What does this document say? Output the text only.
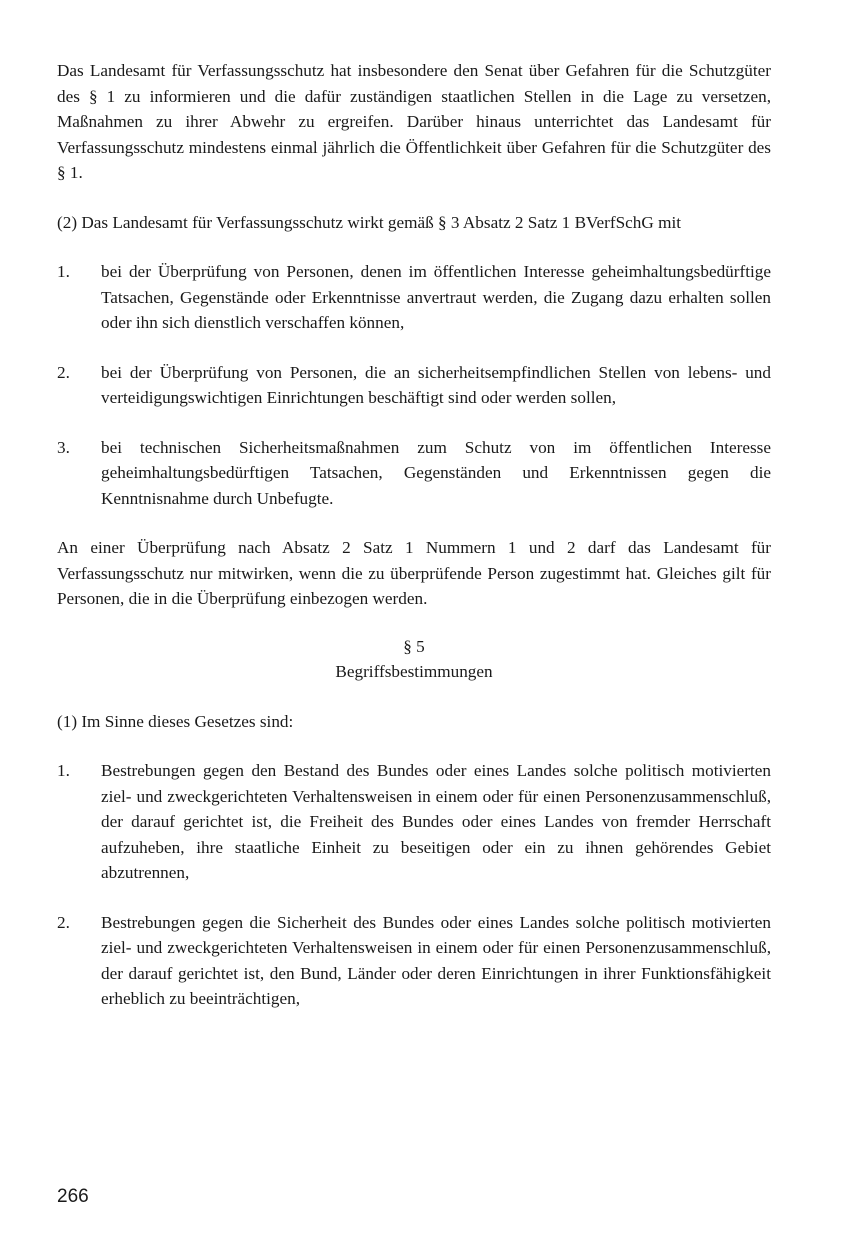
Das Landesamt für Verfassungsschutz hat insbesondere den Senat über Gefahren für die Schutzgüter des § 1 zu informieren und die dafür zuständigen staatlichen Stellen in die Lage zu versetzen, Maßnahmen zu ihrer Abwehr zu ergreifen. Darüber hinaus unterrichtet das Landesamt für Verfassungsschutz mindestens einmal jährlich die Öffentlichkeit über Gefahren für die Schutzgüter des § 1.

(2) Das Landesamt für Verfassungsschutz wirkt gemäß § 3 Absatz 2 Satz 1 BVerfSchG mit

1. bei der Überprüfung von Personen, denen im öffentlichen Interesse geheimhaltungsbedürftige Tatsachen, Gegenstände oder Erkenntnisse anvertraut werden, die Zugang dazu erhalten sollen oder ihn sich dienstlich verschaffen können,
2. bei der Überprüfung von Personen, die an sicherheitsempfindlichen Stellen von lebens- und verteidigungswichtigen Einrichtungen beschäftigt sind oder werden sollen,
3. bei technischen Sicherheitsmaßnahmen zum Schutz von im öffentlichen Interesse geheimhaltungsbedürftigen Tatsachen, Gegenständen und Erkenntnissen gegen die Kenntnisnahme durch Unbefugte.

An einer Überprüfung nach Absatz 2 Satz 1 Nummern 1 und 2 darf das Landesamt für Verfassungsschutz nur mitwirken, wenn die zu überprüfende Person zugestimmt hat. Gleiches gilt für Personen, die in die Überprüfung einbezogen werden.

§ 5
Begriffsbestimmungen

(1) Im Sinne dieses Gesetzes sind:

1. Bestrebungen gegen den Bestand des Bundes oder eines Landes solche politisch motivierten ziel- und zweckgerichteten Verhaltensweisen in einem oder für einen Personenzusammenschluß, der darauf gerichtet ist, die Freiheit des Bundes oder eines Landes von fremder Herrschaft aufzuheben, ihre staatliche Einheit zu beseitigen oder ein zu ihnen gehörendes Gebiet abzutrennen,
2. Bestrebungen gegen die Sicherheit des Bundes oder eines Landes solche politisch motivierten ziel- und zweckgerichteten Verhaltensweisen in einem oder für einen Personenzusammenschluß, der darauf gerichtet ist, den Bund, Länder oder deren Einrichtungen in ihrer Funktionsfähigkeit erheblich zu beeinträchtigen,
266
